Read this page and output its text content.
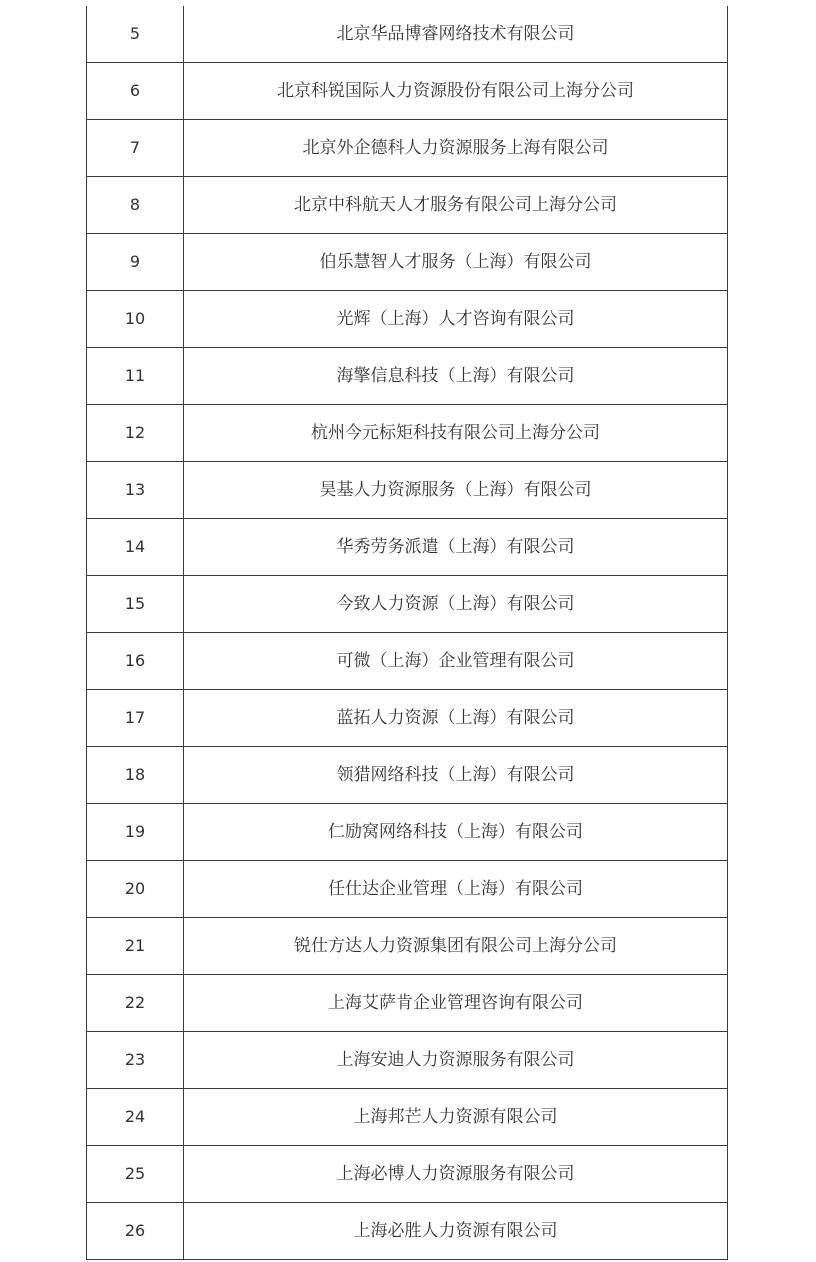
5	北京华品博睿网络技术有限公司
6	北京科锐国际人力资源股份有限公司上海分公司
7	北京外企德科人力资源服务上海有限公司
8	北京中科航天人才服务有限公司上海分公司
9	伯乐慧智人才服务（上海）有限公司
10	光辉（上海）人才咨询有限公司
11	海擎信息科技（上海）有限公司
12	杭州今元标矩科技有限公司上海分公司
13	昊基人力资源服务（上海）有限公司
14	华秀劳务派遣（上海）有限公司
15	今致人力资源（上海）有限公司
16	可微（上海）企业管理有限公司
17	蓝拓人力资源（上海）有限公司
18	领猎网络科技（上海）有限公司
19	仁励窝网络科技（上海）有限公司
20	任仕达企业管理（上海）有限公司
21	锐仕方达人力资源集团有限公司上海分公司
22	上海艾萨肯企业管理咨询有限公司
23	上海安迪人力资源服务有限公司
24	上海邦芒人力资源有限公司
25	上海必博人力资源服务有限公司
26	上海必胜人力资源有限公司
